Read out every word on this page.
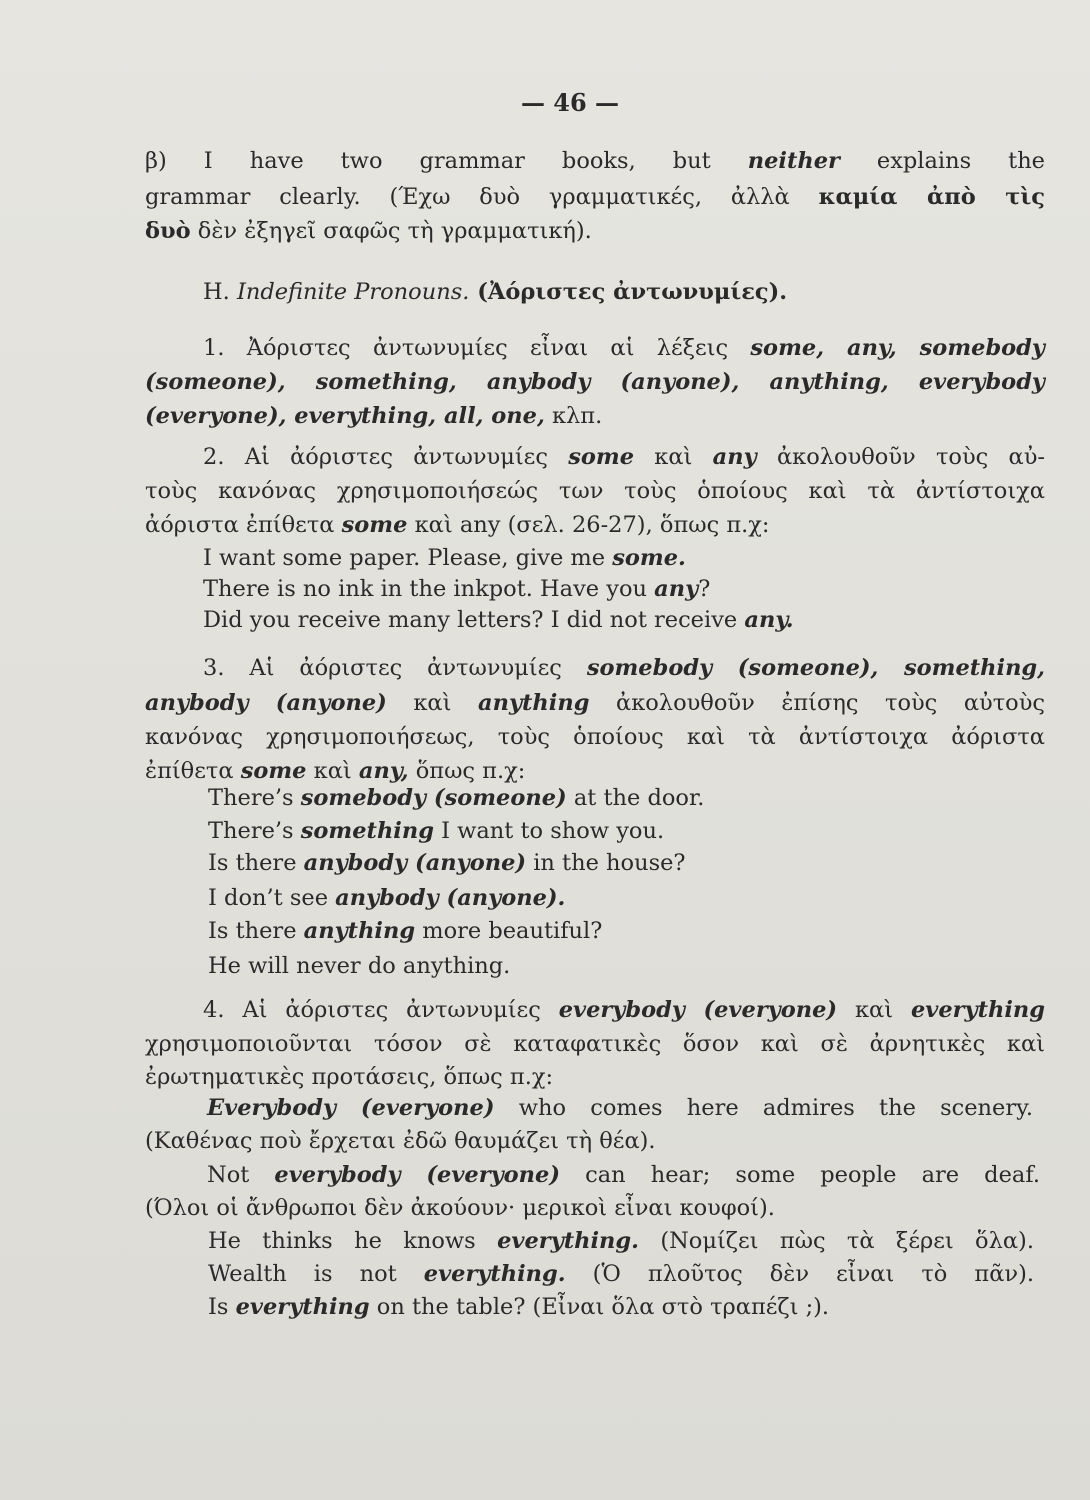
— 46 —
β) I have two grammar books, but neither explains the
grammar clearly. (Έχω δυὸ γραμματικές, ἀλλὰ καμία ἀπὸ τὶς
δυὸ δὲν ἐξηγεῖ σαφῶς τὴ γραμματική).
H. Indefinite Pronouns. (Ἀόριστες ἀντωνυμίες).
1. Ἀόριστες ἀντωνυμίες εἶναι αἱ λέξεις some, any, somebody
(someone), something, anybody (anyone), anything, everybody
(everyone), everything, all, one, κλπ.
2. Αἱ ἀόριστες ἀντωνυμίες some καὶ any ἀκολουθοῦν τοὺς αὐ-
τοὺς κανόνας χρησιμοποιήσεώς των τοὺς ὁποίους καὶ τὰ ἀντίστοιχα
ἀόριστα ἐπίθετα some καὶ any (σελ. 26-27), ὅπως π.χ:
I want some paper. Please, give me some.
There is no ink in the inkpot. Have you any?
Did you receive many letters? I did not receive any.
3. Αἱ ἀόριστες ἀντωνυμίες somebody (someone), something,
anybody (anyone) καὶ anything ἀκολουθοῦν ἐπίσης τοὺς αὐτοὺς
κανόνας χρησιμοποιήσεως, τοὺς ὁποίους καὶ τὰ ἀντίστοιχα ἀόριστα
ἐπίθετα some καὶ any, ὅπως π.χ:
There’s somebody (someone) at the door.
There’s something I want to show you.
Is there anybody (anyone) in the house?
I don’t see anybody (anyone).
Is there anything more beautiful?
He will never do anything.
4. Αἱ ἀόριστες ἀντωνυμίες everybody (everyone) καὶ everything
χρησιμοποιοῦνται τόσον σὲ καταφατικὲς ὅσον καὶ σὲ ἀρνητικὲς καὶ
ἐρωτηματικὲς προτάσεις, ὅπως π.χ:
Everybody (everyone) who comes here admires the scenery.
(Καθένας ποὺ ἔρχεται ἐδῶ θαυμάζει τὴ θέα).
Not everybody (everyone) can hear; some people are deaf.
(Όλοι οἱ ἄνθρωποι δὲν ἀκούουν· μερικοὶ εἶναι κουφοί).
He thinks he knows everything. (Νομίζει πὼς τὰ ξέρει ὅλα).
Wealth is not everything. (Ὁ πλοῦτος δὲν εἶναι τὸ πᾶν).
Is everything on the table? (Εἶναι ὅλα στὸ τραπέζι ;).
